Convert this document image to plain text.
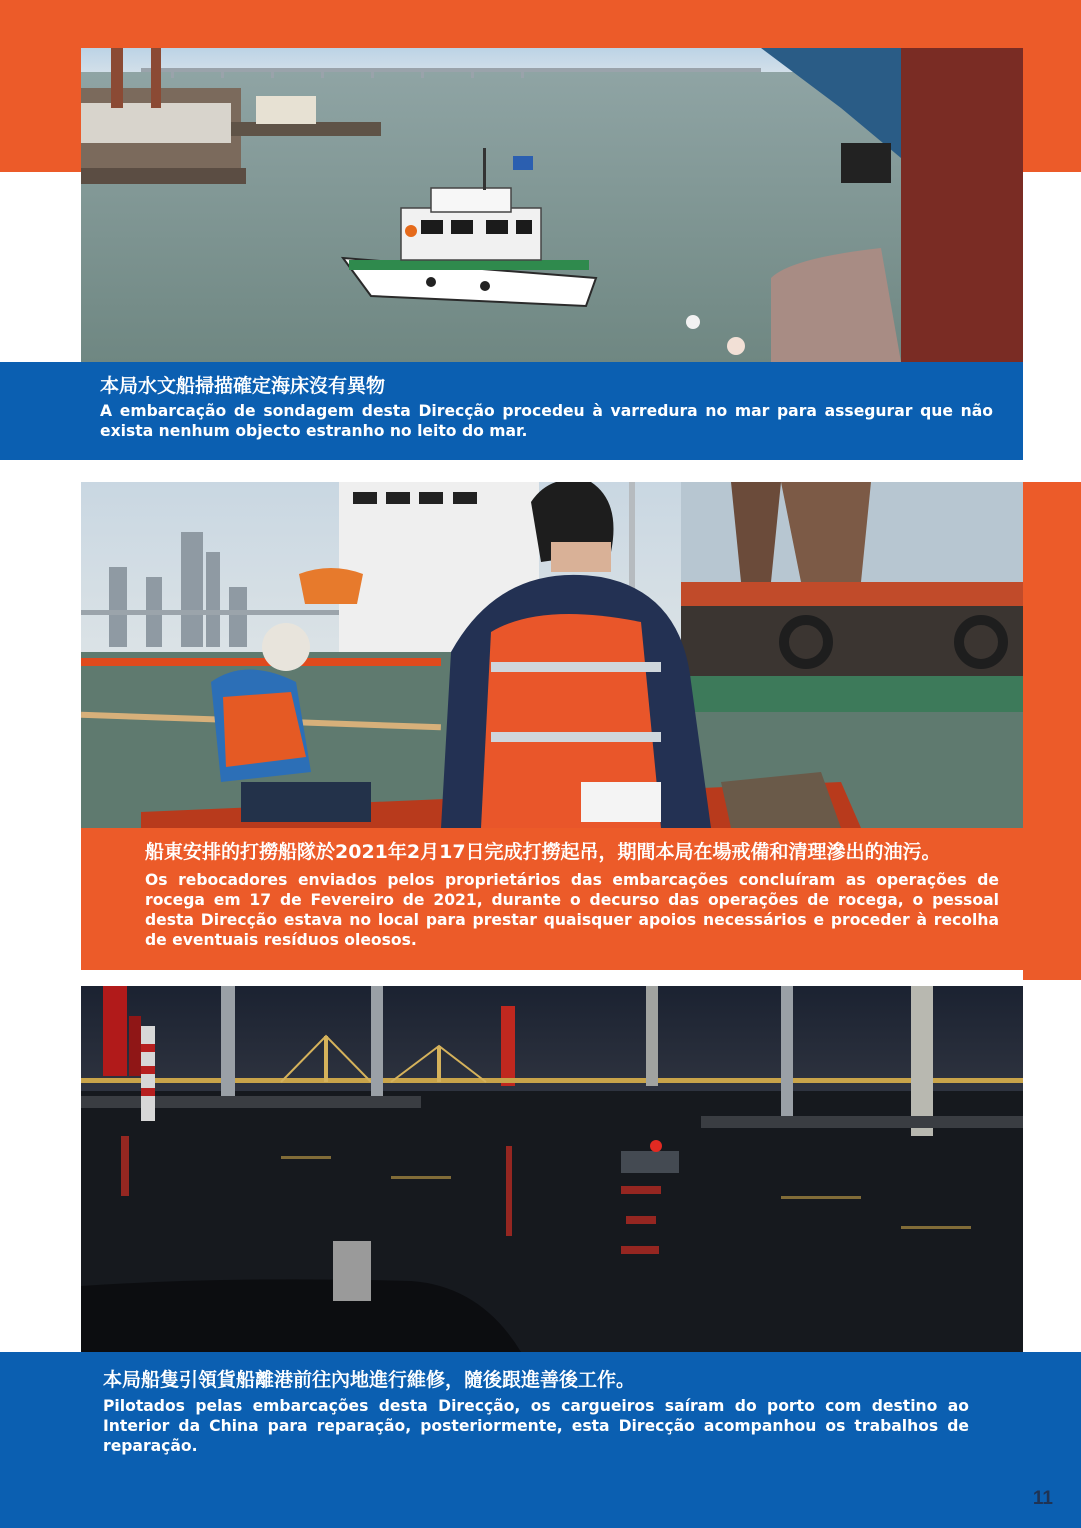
本局水文船掃描確定海床沒有異物
A embarcação de sondagem desta Direcção procedeu à varredura no mar para assegurar que não exista nenhum objecto estranho no leito do mar.
船東安排的打撈船隊於2021年2月17日完成打撈起吊，期間本局在場戒備和清理滲出的油污。
Os rebocadores enviados pelos proprietários das embarcações concluíram as operações de rocega em 17 de Fevereiro de 2021, durante o decurso das operações de rocega, o pessoal desta Direcção estava no local para prestar quaisquer apoios necessários e proceder à recolha de eventuais resíduos oleosos.
本局船隻引領貨船離港前往內地進行維修，隨後跟進善後工作。
Pilotados pelas embarcações desta Direcção, os cargueiros saíram do porto com destino ao Interior da China para reparação, posteriormente, esta Direcção acompanhou os trabalhos de reparação.
11
